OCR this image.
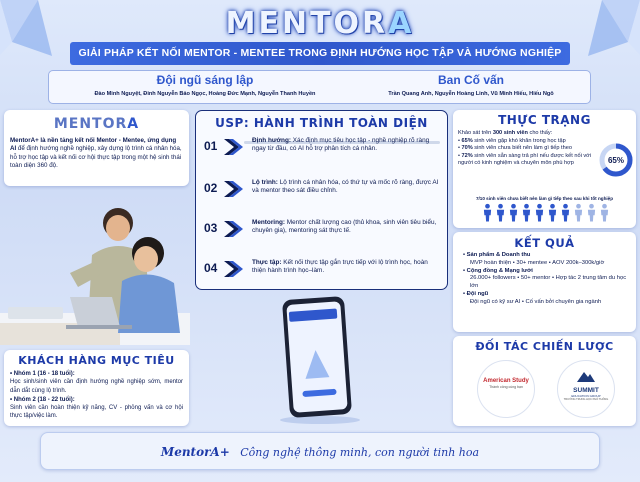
MENTORA
GIẢI PHÁP KẾT NỐI MENTOR - MENTEE TRONG ĐỊNH HƯỚNG HỌC TẬP VÀ HƯỚNG NGHIỆP
Đội ngũ sáng lập
Đào Minh Nguyệt, Đinh Nguyễn Bảo Ngọc, Hoàng Đức Mạnh, Nguyễn Thanh Huyền
Ban Cố vấn
Trần Quang Anh, Nguyễn Hoàng Linh, Vũ Minh Hiếu, Hiếu Ngô
MENTORA
MentorA+ là nền tảng kết nối Mentor - Mentee, ứng dụng AI để định hướng nghề nghiệp, xây dựng lộ trình cá nhân hóa, hỗ trợ học tập và kết nối cơ hội thực tập trong một hệ sinh thái toàn diện 360 độ.
KHÁCH HÀNG MỤC TIÊU
• Nhóm 1 (16 - 18 tuổi):
Học sinh/sinh viên cần định hướng nghề nghiệp sớm, mentor dẫn dắt cùng lộ trình.
• Nhóm 2 (18 - 22 tuổi):
Sinh viên cần hoàn thiện kỹ năng, CV - phỏng vấn và cơ hội thực tập/việc làm.
USP: HÀNH TRÌNH TOÀN DIỆN
01	Định hướng: Xác định mục tiêu học tập - nghề nghiệp rõ ràng ngay từ đầu, có AI hỗ trợ phân tích cá nhân.
02	Lộ trình: Lộ trình cá nhân hóa, có thứ tự và mốc rõ ràng, được AI và mentor theo sát điều chỉnh.
03	Mentoring: Mentor chất lượng cao (thủ khoa, sinh viên tiêu biểu, chuyên gia), mentoring sát thực tế.
04	Thực tập: Kết nối thực tập gắn trực tiếp với lộ trình học, hoàn thiện hành trình học–làm.
THỰC TRẠNG
Khảo sát trên 300 sinh viên cho thấy:
• 65% sinh viên gặp khó khăn trong học tập
• 70% sinh viên chưa biết nên làm gì tiếp theo
• 72% sinh viên sẵn sàng trả phí nếu được kết nối với người có kinh nghiệm và chuyên môn phù hợp	65%
7/10 sinh viên chưa biết nên làm gì tiếp theo sau khi tốt nghiệp
KẾT QUẢ
• Sản phẩm & Doanh thu
MVP hoàn thiện • 30+ mentee • AOV 200k–300k/giờ
• Cộng đồng & Mạng lưới
26.000+ followers • 50+ mentor • Hợp tác 2 trung tâm du học lớn
• Đội ngũ
Đội ngũ có kỹ sư AI • Cố vấn bởi chuyên gia ngành
ĐỐI TÁC CHIẾN LƯỢC
American Study
Thành công cùng bạn	SUMMIT
EDUCATION GROUP
TRƯỜNG TRUNG HỌC PHỔ THÔNG
MentorA+ Công nghệ thông minh, con người tinh hoa
